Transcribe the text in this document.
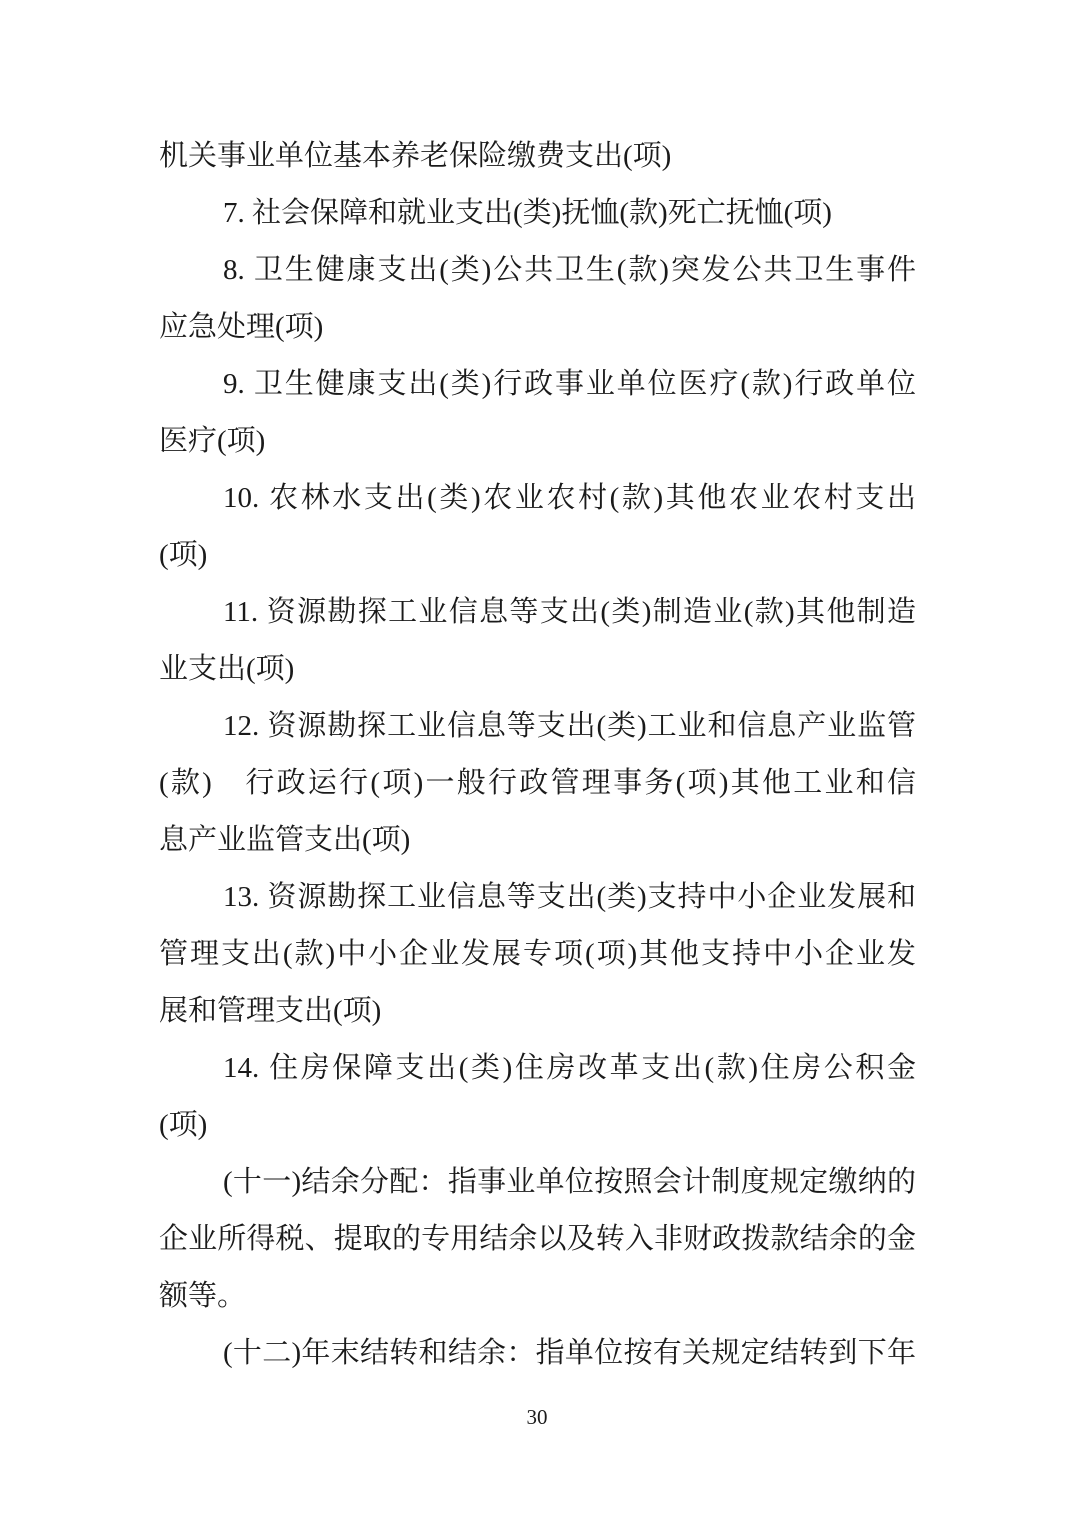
机关事业单位基本养老保险缴费支出(项)
7. 社会保障和就业支出(类)抚恤(款)死亡抚恤(项)
8. 卫生健康支出(类)公共卫生(款)突发公共卫生事件
应急处理(项)
9. 卫生健康支出(类)行政事业单位医疗(款)行政单位
医疗(项)
10. 农林水支出(类)农业农村(款)其他农业农村支出
(项)
11. 资源勘探工业信息等支出(类)制造业(款)其他制造
业支出(项)
12. 资源勘探工业信息等支出(类)工业和信息产业监管
(款)　行政运行(项)一般行政管理事务(项)其他工业和信
息产业监管支出(项)
13. 资源勘探工业信息等支出(类)支持中小企业发展和
管理支出(款)中小企业发展专项(项)其他支持中小企业发
展和管理支出(项)
14. 住房保障支出(类)住房改革支出(款)住房公积金
(项)
(十一)结余分配：指事业单位按照会计制度规定缴纳的
企业所得税、提取的专用结余以及转入非财政拨款结余的金
额等。
(十二)年末结转和结余：指单位按有关规定结转到下年
30
